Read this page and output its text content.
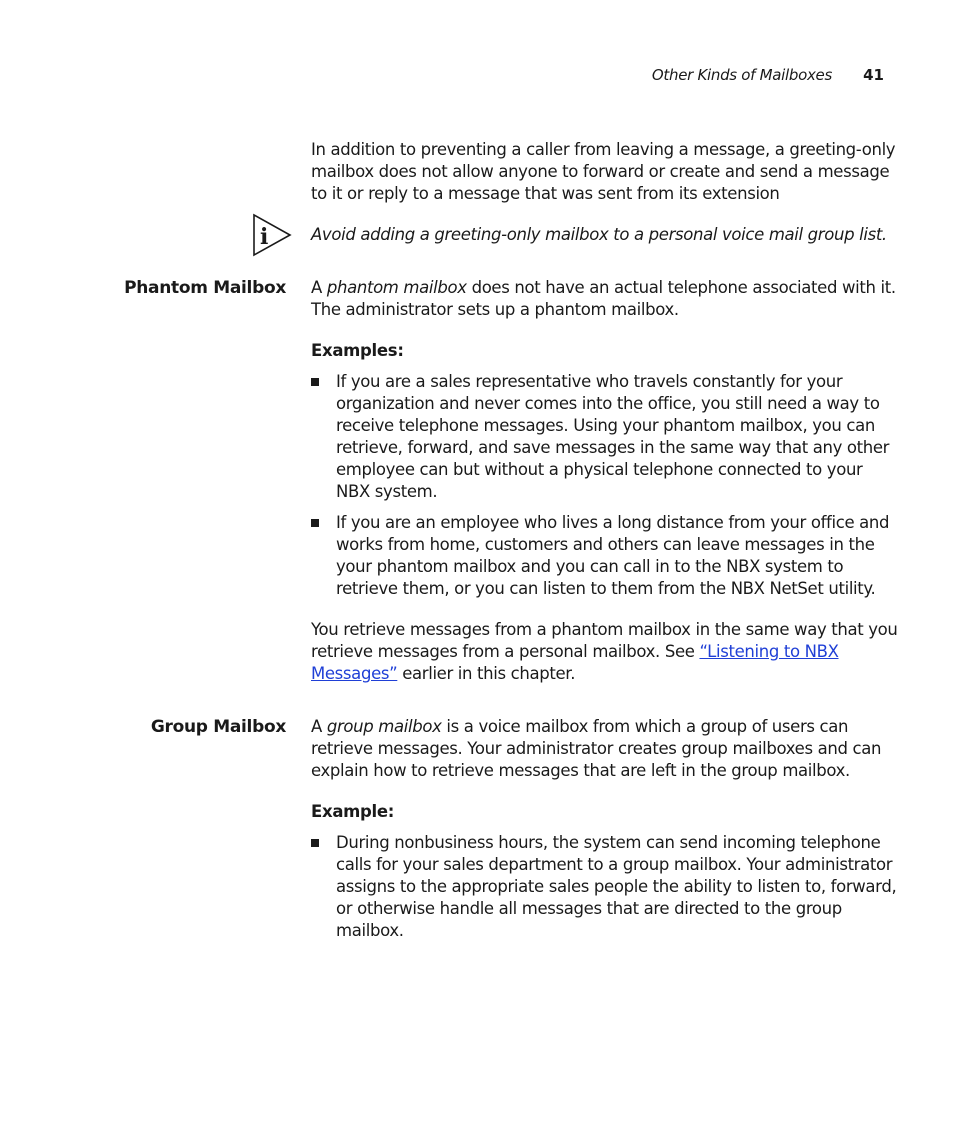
Other Kinds of Mailboxes 41

In addition to preventing a caller from leaving a message, a greeting-only mailbox does not allow anyone to forward or create and send a message to it or reply to a message that was sent from its extension

i	Avoid adding a greeting-only mailbox to a personal voice mail group list.
Phantom Mailbox A phantom mailbox does not have an actual telephone associated with it. The administrator sets up a phantom mailbox.

Examples:

If you are a sales representative who travels constantly for your organization and never comes into the office, you still need a way to receive telephone messages. Using your phantom mailbox, you can retrieve, forward, and save messages in the same way that any other employee can but without a physical telephone connected to your NBX system.
If you are an employee who lives a long distance from your office and works from home, customers and others can leave messages in the your phantom mailbox and you can call in to the NBX system to retrieve them, or you can listen to them from the NBX NetSet utility.

You retrieve messages from a phantom mailbox in the same way that you retrieve messages from a personal mailbox. See “Listening to NBX Messages” earlier in this chapter.

Group Mailbox A group mailbox is a voice mailbox from which a group of users can retrieve messages. Your administrator creates group mailboxes and can explain how to retrieve messages that are left in the group mailbox.

Example:

During nonbusiness hours, the system can send incoming telephone calls for your sales department to a group mailbox. Your administrator assigns to the appropriate sales people the ability to listen to, forward, or otherwise handle all messages that are directed to the group mailbox.
